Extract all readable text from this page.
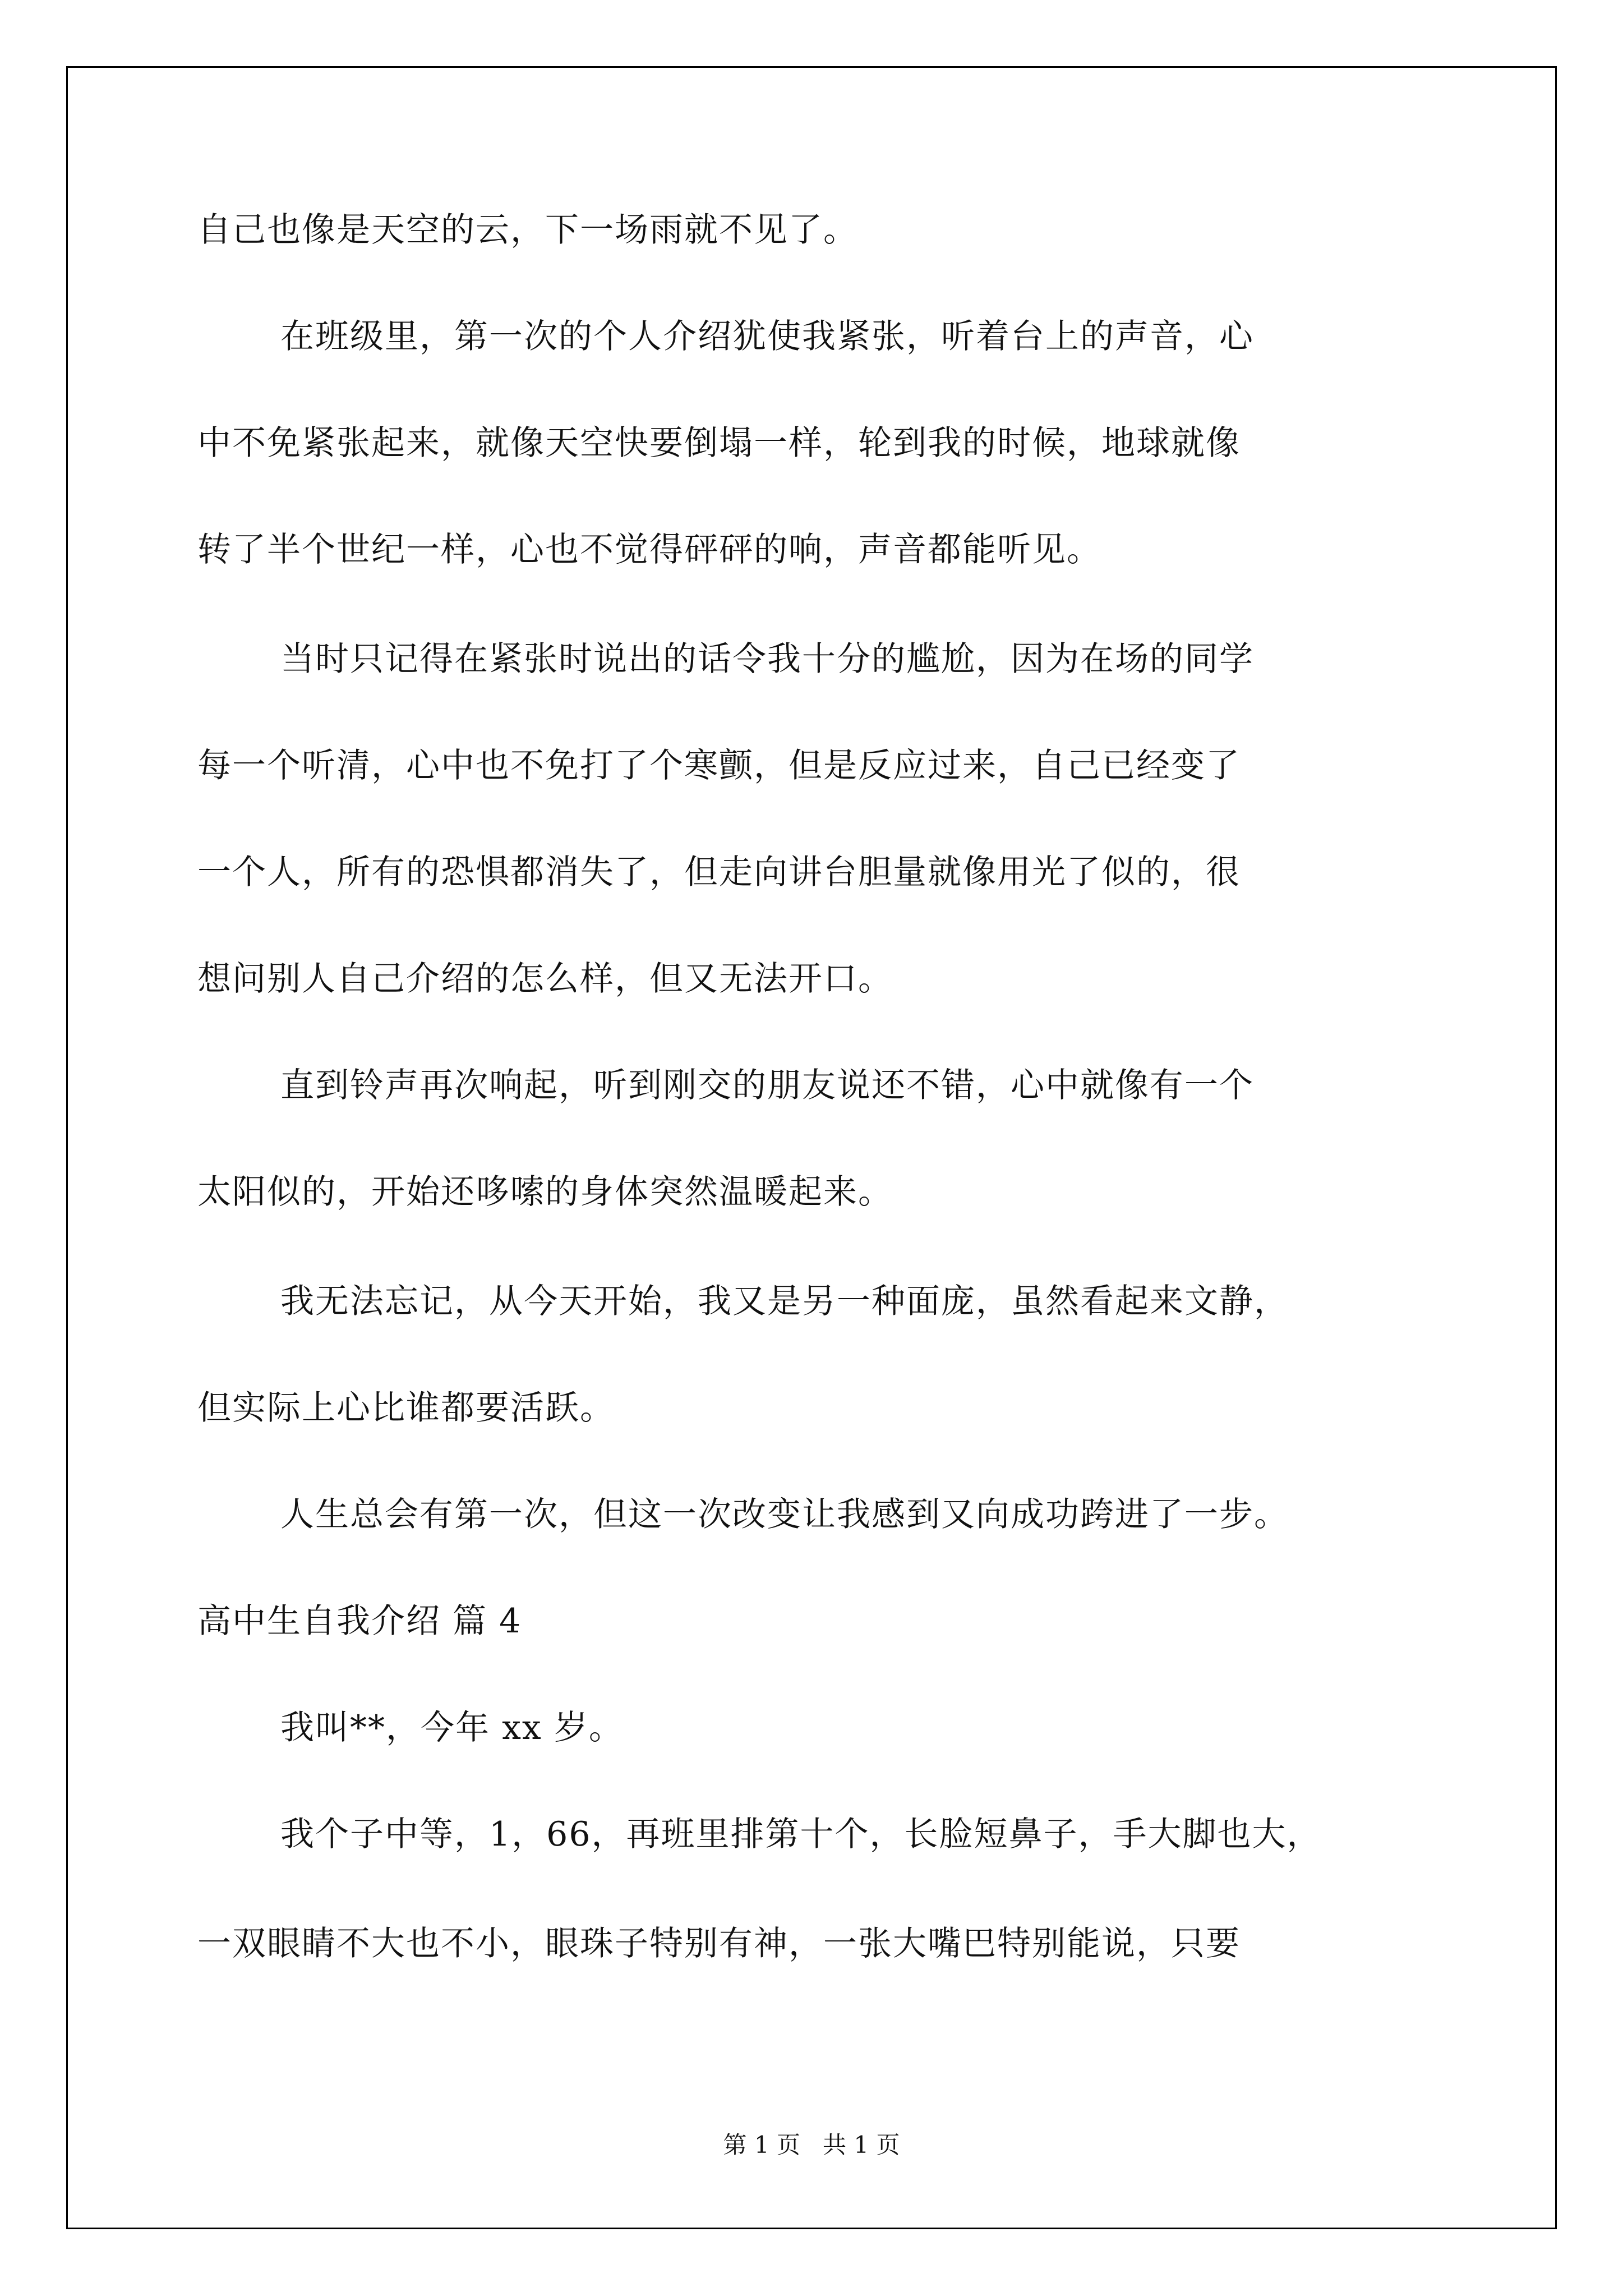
自己也像是天空的云，下一场雨就不见了。
在班级里，第一次的个人介绍犹使我紧张，听着台上的声音，心
中不免紧张起来，就像天空快要倒塌一样，轮到我的时候，地球就像
转了半个世纪一样，心也不觉得砰砰的响，声音都能听见。
当时只记得在紧张时说出的话令我十分的尴尬，因为在场的同学
每一个听清，心中也不免打了个寒颤，但是反应过来，自己已经变了
一个人，所有的恐惧都消失了，但走向讲台胆量就像用光了似的，很
想问别人自己介绍的怎么样，但又无法开口。
直到铃声再次响起，听到刚交的朋友说还不错，心中就像有一个
太阳似的，开始还哆嗦的身体突然温暖起来。
我无法忘记，从今天开始，我又是另一种面庞，虽然看起来文静，
但实际上心比谁都要活跃。
人生总会有第一次，但这一次改变让我感到又向成功跨进了一步。
高中生自我介绍 篇 4
我叫**，今年 xx 岁。
我个子中等，1，66，再班里排第十个，长脸短鼻子，手大脚也大，
一双眼睛不大也不小，眼珠子特别有神，一张大嘴巴特别能说，只要
第 1 页   共 1 页
